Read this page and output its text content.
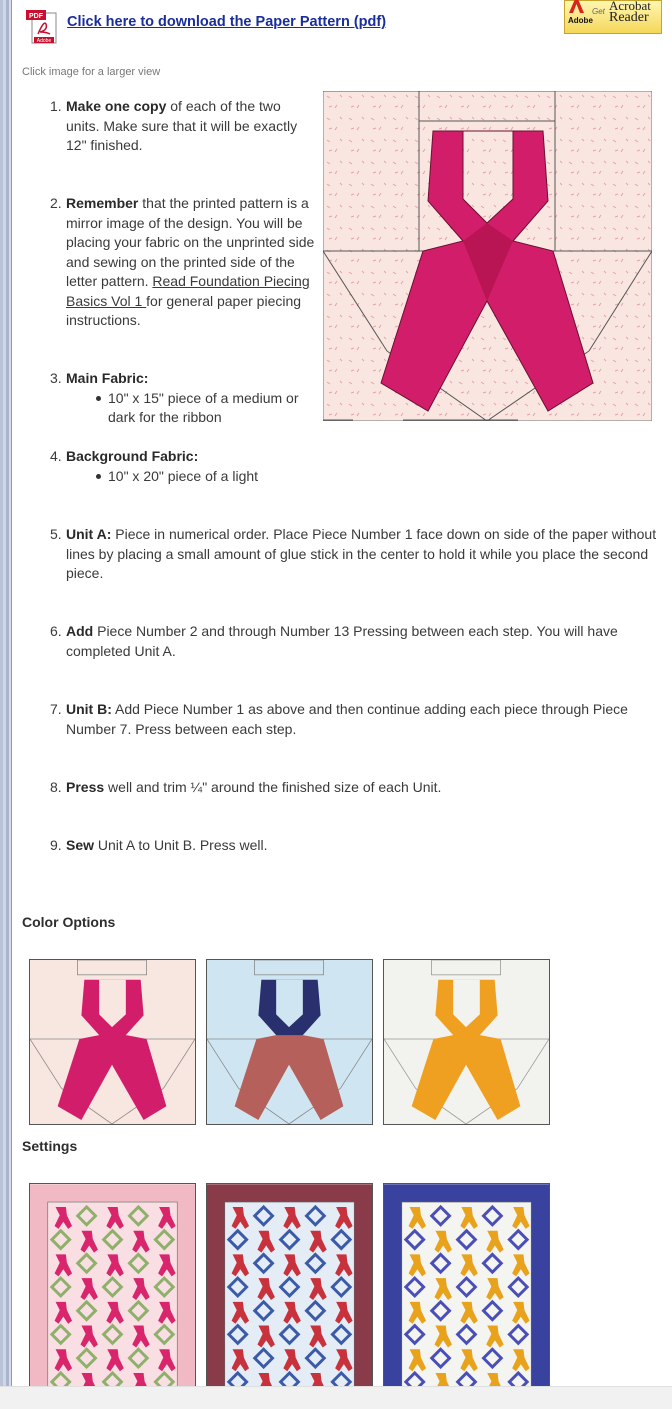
PDF
Adobe
Click here to download the Paper Pattern (pdf)	Adobe
Get Acrobat
Reader
Click image for a larger view
1. Make one copy of each of the two units. Make sure that it will be exactly 12" finished.
2. Remember that the printed pattern is a mirror image of the design. You will be placing your fabric on the unprinted side and sewing on the printed side of the letter pattern. Read Foundation Piecing Basics Vol 1 for general paper piecing instructions.
3. Main Fabric:
10" x 15" piece of a medium or dark for the ribbon
4. Background Fabric:
10" x 20" piece of a light
5. Unit A: Piece in numerical order. Place Piece Number 1 face down on side of the paper without lines by placing a small amount of glue stick in the center to hold it while you place the second piece.
6. Add Piece Number 2 and through Number 13 Pressing between each step. You will have completed Unit A.
7. Unit B: Add Piece Number 1 as above and then continue adding each piece through Piece Number 7. Press between each step.
8. Press well and trim ¼" around the finished size of each Unit.
9. Sew Unit A to Unit B. Press well.
Color Options
Settings
